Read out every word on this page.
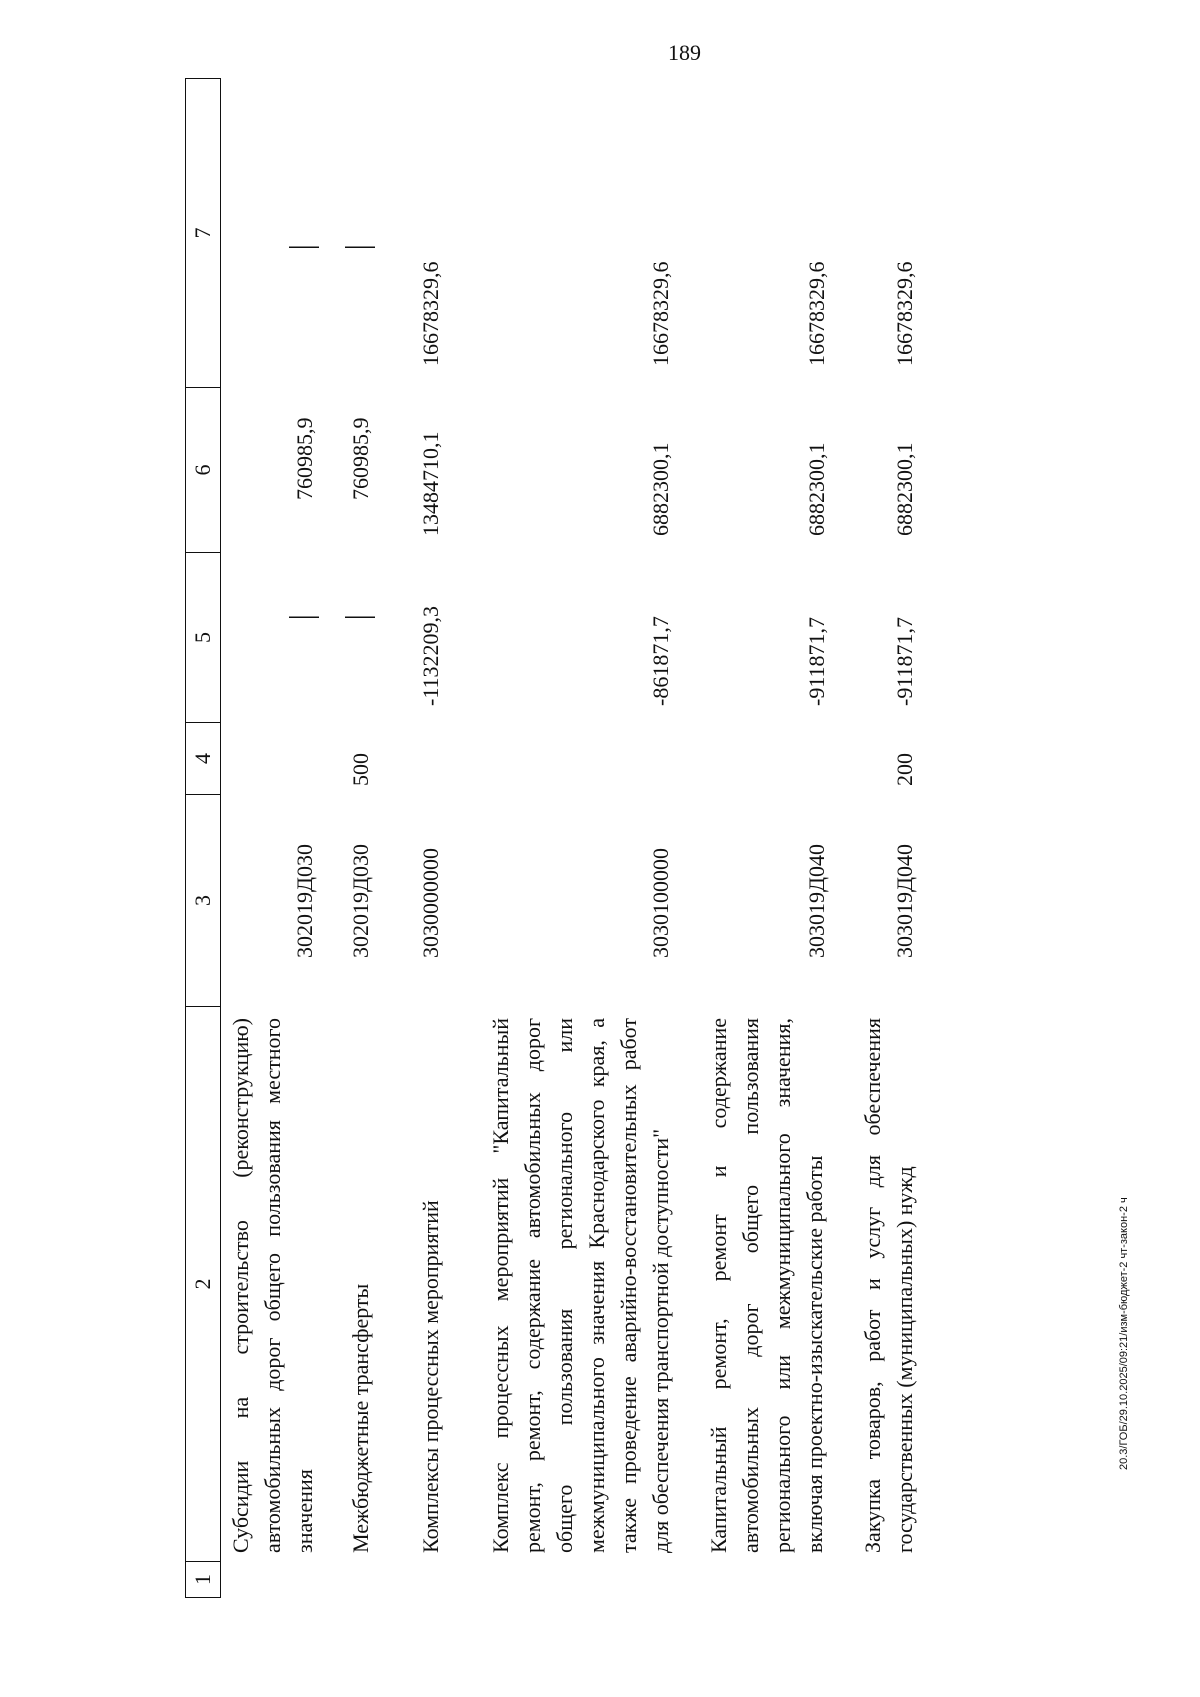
189
1
2
3
4
5
6
7
Субсидии на строительство (реконструкцию) автомобильных дорог общего пользования местного значения
302019Д030
760985,9
Межбюджетные трансферты
302019Д030
500
760985,9
Комплексы процессных мероприятий
3030000000
-1132209,3
13484710,1
16678329,6
Комплекс процессных мероприятий "Капитальный ремонт, ремонт, содержание автомобильных дорог общего пользования регионального или межмуниципального значения Краснодарского края, а также проведение аварийно-восстановительных работ для обеспечения транспортной доступности"
3030100000
-861871,7
6882300,1
16678329,6
Капитальный ремонт, ремонт и содержание автомобильных дорог общего пользования регионального или межмуниципального значения, включая проектно-изыскательские работы
303019Д040
-911871,7
6882300,1
16678329,6
Закупка товаров, работ и услуг для обеспечения государственных (муниципальных) нужд
303019Д040
200
-911871,7
6882300,1
16678329,6
20.3/ГОБ/29.10.2025/09:21/изм-бюджет-2 чт-закон-2 ч
